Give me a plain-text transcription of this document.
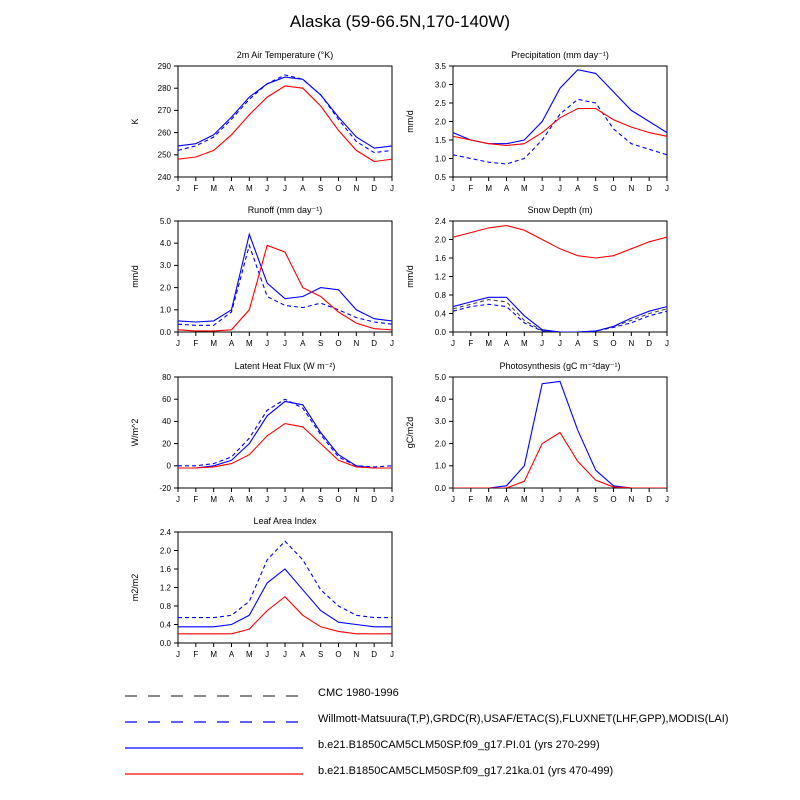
Alaska (59-66.5N,170-140W)
2m Air Temperature (°K)
K
240
250
260
270
280
290
J F M A M J J A S O N D J
Precipitation (mm day⁻¹)
mm/d
0.5
1.0
1.5
2.0
2.5
3.0
3.5
J F M A M J J A S O N D J
Runoff (mm day⁻¹)
mm/d
0.0
1.0
2.0
3.0
4.0
5.0
J F M A M J J A S O N D J
Snow Depth (m)
mm/d
0.0
0.4
0.8
1.2
1.6
2.0
2.4
J F M A M J J A S O N D J
Latent Heat Flux (W m⁻²)
W/m^2
-20
0
20
40
60
80
J F M A M J J A S O N D J
Photosynthesis (gC m⁻²day⁻¹)
gC/m2d
0.0
1.0
2.0
3.0
4.0
5.0
J F M A M J J A S O N D J
Leaf Area Index
m2/m2
0.0
0.4
0.8
1.2
1.6
2.0
2.4
J F M A M J J A S O N D J
CMC 1980-1996
Willmott-Matsuura(T,P),GRDC(R),USAF/ETAC(S),FLUXNET(LHF,GPP),MODIS(LAI)
b.e21.B1850CAM5CLM50SP.f09_g17.PI.01 (yrs 270-299)
b.e21.B1850CAM5CLM50SP.f09_g17.21ka.01 (yrs 470-499)
